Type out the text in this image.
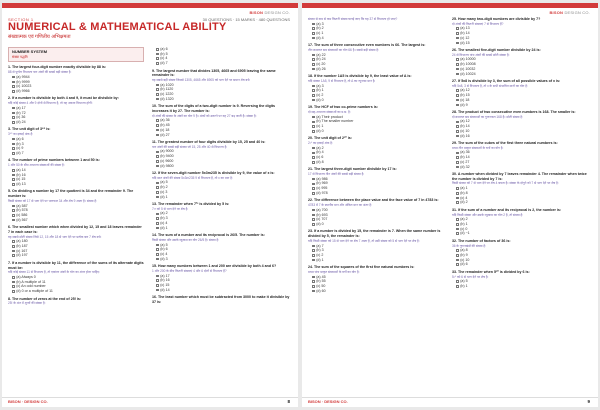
BISON DESIGN CO.
SECTION 1	30 QUESTIONS · 15 MARKS · 480 QUESTIONS
NUMERICAL & MATHEMATICAL ABILITY
संख्यात्मक एवं गणितीय अभिक्षमता
NUMBER SYSTEM
संख्या पद्धति
1. The largest four-digit number exactly divisible by 88 is:
88 से पूर्णतः विभाज्य चार अंकों की सबसे बड़ी संख्या है:
(a) 9944
(b) 9999
(c) 10023
(d) 9966
2. If a number is divisible by both 4 and 9, it must be divisible by:
यदि कोई संख्या 4 और 9 दोनों से विभाज्य है, तो यह अवश्य विभाज्य होगी:
(a) 17
(b) 72
(c) 36
(d) 24
3. The unit digit of 3⁶⁵ is:
3⁶⁵ का इकाई अंक है:
(a) 6
(b) 3
(c) 9
(d) 7
4. The number of prime numbers between 1 and 50 is:
1 और 50 के बीच अभाज्य संख्याओं की संख्या है:
(a) 14
(b) 16
(c) 15
(d) 13
5. On dividing a number by 17 the quotient is 34 and the remainder 9. The number is:
किसी संख्या को 17 से भाग देने पर भागफल 34 और शेष 9 आता है। संख्या है:
(a) 587
(b) 578
(c) 586
(d) 567
6. The smallest number which when divided by 12, 15 and 18 leaves remainder 7 in each case is:
वह सबसे छोटी संख्या जिसे 12, 15 और 18 से भाग देने पर प्रत्येक बार 7 शेष बचे:
(a) 180
(b) 187
(c) 167
(d) 197
7. If a number is divisible by 11, the difference of the sums of its alternate digits must be:
यदि कोई संख्या 11 से विभाज्य है, तो एकांतर अंकों के योग का अंतर होना चाहिए:
(a) Always 0
(b) A multiple of 11
(c) An odd number
(d) 0 or a multiple of 11
8. The number of zeros at the end of 25! is:
25! के अंत में शून्यों की संख्या है:
(a) 6
(b) 5
(c) 4
(d) 7
9. The largest number that divides 1305, 4665 and 6905 leaving the same remainder is:
वह सबसे बड़ी संख्या जिससे 1305, 4665 और 6905 को भाग देने पर समान शेष बचे:
(a) 1020
(b) 1120
(c) 1220
(d) 1320
10. The sum of the digits of a two-digit number is 9. Reversing the digits increases it by 27. The number is:
दो अंकों की संख्या के अंकों का योग 9 है। अंकों को उलटने पर यह 27 बढ़ जाती है। संख्या है:
(a) 36
(b) 45
(c) 18
(d) 27
11. The greatest number of four digits divisible by 15, 25 and 40 is:
चार अंकों की सबसे बड़ी संख्या जो 15, 25 और 40 से विभाज्य है:
(a) 9000
(b) 9400
(c) 9600
(d) 9800
12. If the seven-digit number 5x3m235 is divisible by 9, the value of x is:
यदि सात अंकों की संख्या 5x3m235 9 से विभाज्य है, तो x का मान है:
(a) 5
(b) 2
(c) 3
(d) 1
13. The remainder when 7²³ is divided by 5 is:
7²³ को 5 से भाग देने पर शेष है:
(a) 2
(b) 3
(c) 4
(d) 1
14. The sum of a number and its reciprocal is 26/5. The number is:
किसी संख्या और उसके व्युत्क्रम का योग 26/5 है। संख्या है:
(a) 5
(b) 6
(c) 4
(d) 3
15. How many numbers between 1 and 200 are divisible by both 4 and 6?
1 और 200 के बीच कितनी संख्याएं 4 और 6 दोनों से विभाज्य हैं?
(a) 17
(b) 16
(c) 15
(d) 14
16. The least number which must be subtracted from 3000 to make it divisible by 37 is:
BISON · DESIGN CO.	8
BISON DESIGN CO.
संख्या से कम से कम कितनी संख्या घटाई जाए कि यह 37 से विभाज्य हो जाए?
(a) 3
(b) 2
(c) 1
(d) 4
17. The sum of three consecutive even numbers is 66. The largest is:
तीन क्रमागत सम संख्याओं का योग 66 है। सबसे बड़ी संख्या है:
(a) 22
(b) 24
(c) 20
(d) 26
18. If the number 1A5 is divisible by 9, the least value of A is:
यदि संख्या 1A5, 9 से विभाज्य है, तो A का न्यूनतम मान है:
(a) 3
(b) 1
(c) 2
(d) 0
19. The HCF of two co-prime numbers is:
दो सह-अभाज्य संख्याओं का म.स. है:
(a) Their product
(b) The smaller number
(c) 1
(d) 0
20. The unit digit of 2¹⁰ is:
2¹⁰ का इकाई अंक है:
(a) 2
(b) 4
(c) 6
(d) 8
21. The largest three-digit number divisible by 17 is:
17 से विभाज्य तीन अंकों की सबसे बड़ी संख्या है:
(a) 986
(b) 969
(c) 995
(d) 978
22. The difference between the place value and the face value of 7 in 4783 is:
4783 में 7 के स्थानीय मान और अंकित मान का अंतर है:
(a) 700
(b) 693
(c) 707
(d) 0
23. If a number is divided by 15, the remainder is 7. When the same number is divided by 5, the remainder is:
यदि किसी संख्या को 15 से भाग देने पर शेष 7 आता है, तो उसी संख्या को 5 से भाग देने पर शेष है:
(a) 7
(b) 3
(c) 2
(d) 1
24. The sum of the squares of the first five natural numbers is:
प्रथम पांच प्राकृत संख्याओं के वर्गों का योग है:
(a) 45
(b) 55
(c) 50
(d) 60
25. How many two-digit numbers are divisible by 7?
दो अंकों की कितनी संख्याएं 7 से विभाज्य हैं?
(a) 13
(b) 14
(c) 12
(d) 15
26. The smallest five-digit number divisible by 24 is:
24 से विभाज्य पांच अंकों की सबसे छोटी संख्या है:
(a) 10000
(b) 10008
(c) 10032
(d) 10024
27. If 5x8 is divisible by 3, the sum of all possible values of x is:
यदि 5x8, 3 से विभाज्य है, तो x के सभी संभावित मानों का योग है:
(a) 12
(b) 15
(c) 18
(d) 9
28. The product of two consecutive even numbers is 168. The smaller is:
दो क्रमागत सम संख्याओं का गुणनफल 168 है। छोटी संख्या है:
(a) 12
(b) 14
(c) 10
(d) 16
29. The sum of the cubes of the first three natural numbers is:
प्रथम तीन प्राकृत संख्याओं के घनों का योग है:
(a) 36
(b) 14
(c) 27
(d) 32
30. A number when divided by 7 leaves remainder 4. The remainder when twice the number is divided by 7 is:
किसी संख्या को 7 से भाग देने पर शेष 4 बचता है। संख्या के दोगुने को 7 से भाग देने पर शेष है:
(a) 1
(b) 8
(c) 4
(d) 2
31. If the sum of a number and its reciprocal is 2, the number is:
यदि किसी संख्या और उसके व्युत्क्रम का योग 2 है, तो संख्या है:
(a) 2
(b) 1
(c) 0
(d) −1
32. The number of factors of 36 is:
36 के गुणनखंडों की संख्या है:
(a) 8
(b) 9
(c) 10
(d) 6
33. The remainder when 5¹⁰ is divided by 6 is:
5¹⁰ को 6 से भाग देने पर शेष है:
(a) 5
(b) 1
BISON · DESIGN CO.	9
